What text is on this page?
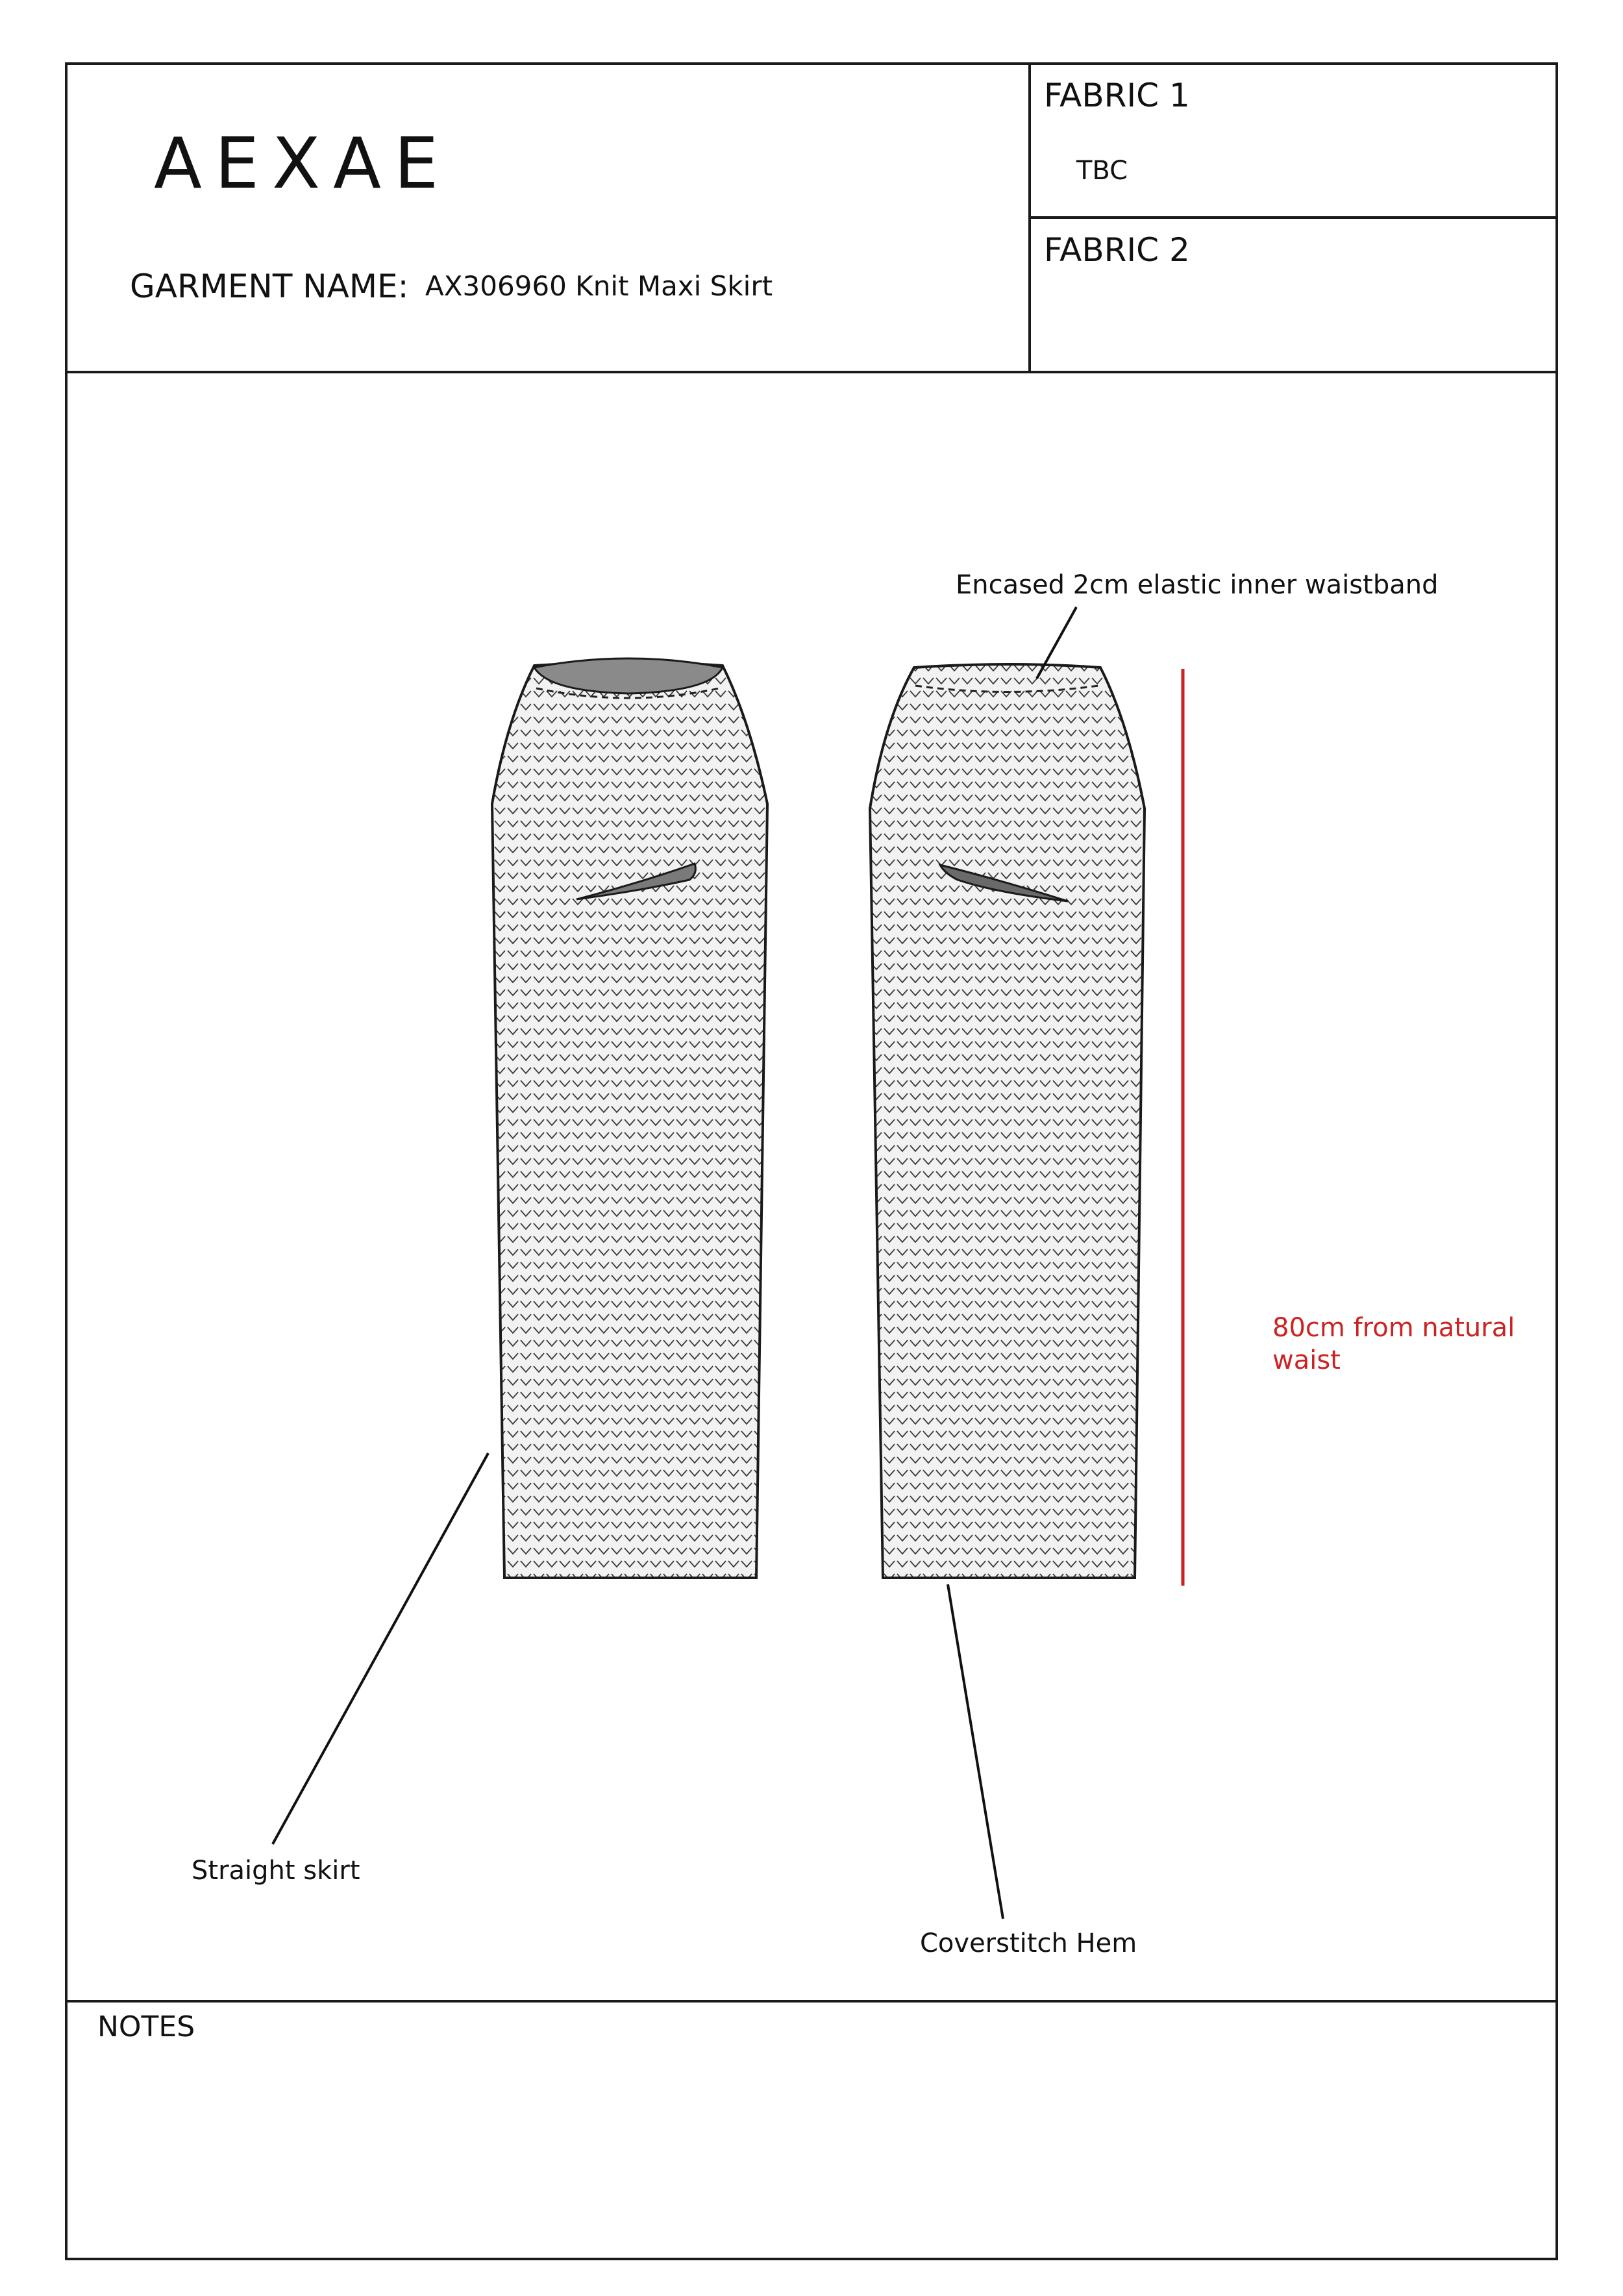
AEXAE
GARMENT NAME: AX306960 Knit Maxi Skirt
FABRIC 1
TBC
FABRIC 2
Encased 2cm elastic inner waistband
80cm from natural
waist
Straight skirt
Coverstitch Hem
NOTES
